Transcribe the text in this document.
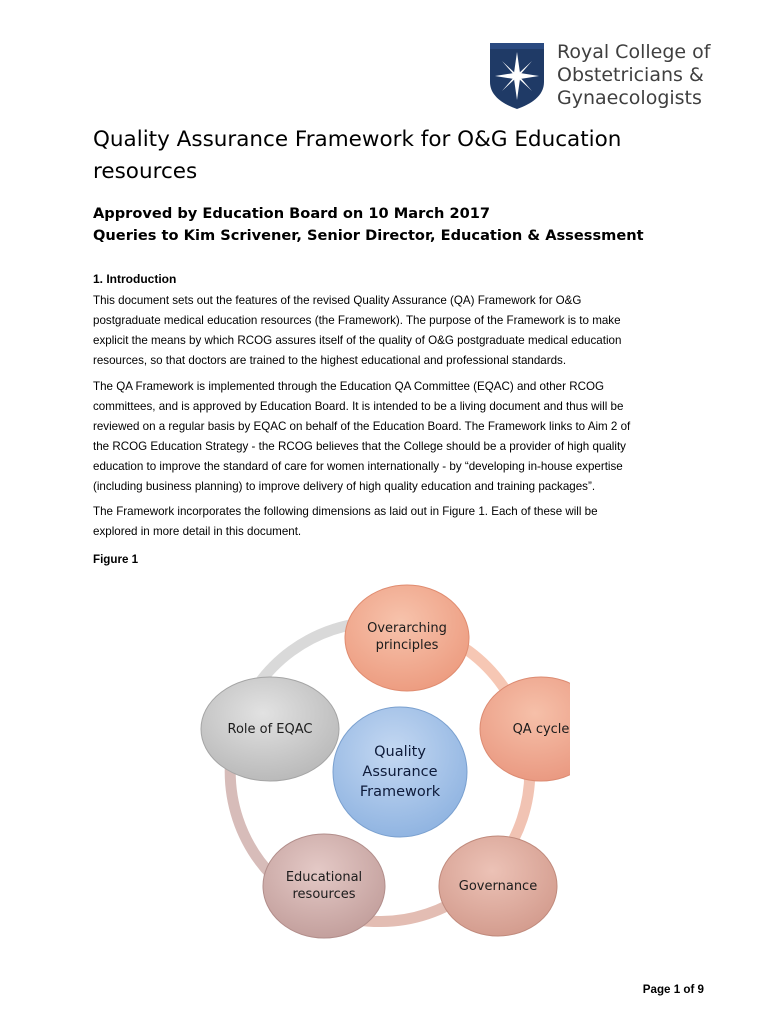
Royal College of
Obstetricians &
Gynaecologists
Quality Assurance Framework for O&G Education resources
Approved by Education Board on 10 March 2017
Queries to Kim Scrivener, Senior Director, Education & Assessment
1. Introduction
This document sets out the features of the revised Quality Assurance (QA) Framework for O&G
postgraduate medical education resources (the Framework). The purpose of the Framework is to make
explicit the means by which RCOG assures itself of the quality of O&G postgraduate medical education
resources, so that doctors are trained to the highest educational and professional standards.
The QA Framework is implemented through the Education QA Committee (EQAC) and other RCOG
committees, and is approved by Education Board. It is intended to be a living document and thus will be
reviewed on a regular basis by EQAC on behalf of the Education Board. The Framework links to Aim 2 of
the RCOG Education Strategy - the RCOG believes that the College should be a provider of high quality
education to improve the standard of care for women internationally - by “developing in-house expertise
(including business planning) to improve delivery of high quality education and training packages”.
The Framework incorporates the following dimensions as laid out in Figure 1. Each of these will be
explored in more detail in this document.
Figure 1
Quality
Assurance
Framework
Overarching
principles
QA cycle
Governance
Educational
resources
Role of EQAC
Page 1 of 9
